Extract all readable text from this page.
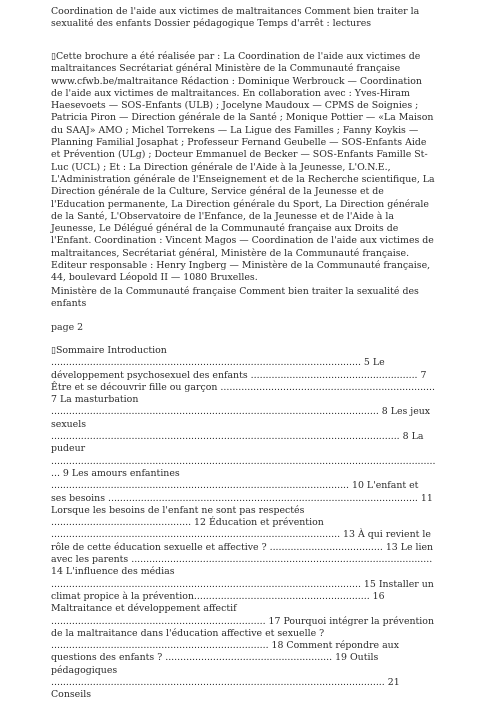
Coordination de l'aide aux victimes de maltraitances Comment bien traiter la sexualité des enfants Dossier pédagogique Temps d'arrêt : lectures

▯Cette brochure a été réalisée par : La Coordination de l'aide aux victimes de maltraitances Secrétariat général Ministère de la Communauté française www.cfwb.be/maltraitance Rédaction : Dominique Werbrouck — Coordination de l'aide aux victimes de maltraitances. En collaboration avec : Yves-Hiram Haesevoets — SOS-Enfants (ULB) ; Jocelyne Maudoux — CPMS de Soignies ; Patricia Piron — Direction générale de la Santé ; Monique Pottier — «La Maison du SAAJ» AMO ; Michel Torrekens — La Ligue des Familles ; Fanny Koykis — Planning Familial Josaphat ; Professeur Fernand Geubelle — SOS-Enfants Aide et Prévention (ULg) ; Docteur Emmanuel de Becker — SOS-Enfants Famille St-Luc (UCL) ; Et : La Direction générale de l'Aide à la Jeunesse, L'O.N.E., L'Administration générale de l'Enseignement et de la Recherche scientifique, La Direction générale de la Culture, Service général de la Jeunesse et de l'Education permanente, La Direction générale du Sport, La Direction générale de la Santé, L'Observatoire de l'Enfance, de la Jeunesse et de l'Aide à la Jeunesse, Le Délégué général de la Communauté française aux Droits de l'Enfant. Coordination : Vincent Magos — Coordination de l'aide aux victimes de maltraitances, Secrétariat général, Ministère de la Communauté française. Editeur responsable : Henry Ingberg — Ministère de la Communauté française, 44, boulevard Léopold II — 1080 Bruxelles.

Ministère de la Communauté française Comment bien traiter la sexualité des enfants

page 2

▯Sommaire Introduction ........................................................................................................ 5 Le développement psychosexuel des enfants ........................................................ 7 Être et se découvrir fille ou garçon ........................................................................ 7 La masturbation .............................................................................................................. 8 Les jeux sexuels ..................................................................................................................... 8 La pudeur .................................................................................................................................... 9 Les amours enfantines .................................................................................................... 10 L'enfant et ses besoins ........................................................................................................ 11 Lorsque les besoins de l'enfant ne sont pas respectés ............................................... 12 Éducation et prévention ................................................................................................. 13 À qui revient le rôle de cette éducation sexuelle et affective ? ...................................... 13 Le lien avec les parents ..................................................................................................... 14 L'influence des médias ........................................................................................................ 15 Installer un climat propice à la prévention........................................................... 16 Maltraitance et développement affectif ........................................................................ 17 Pourquoi intégrer la prévention de la maltraitance dans l'éducation affective et sexuelle ? ......................................................................... 18 Comment répondre aux questions des enfants ? ........................................................ 19 Outils pédagogiques ................................................................................................................ 21 Conseils
